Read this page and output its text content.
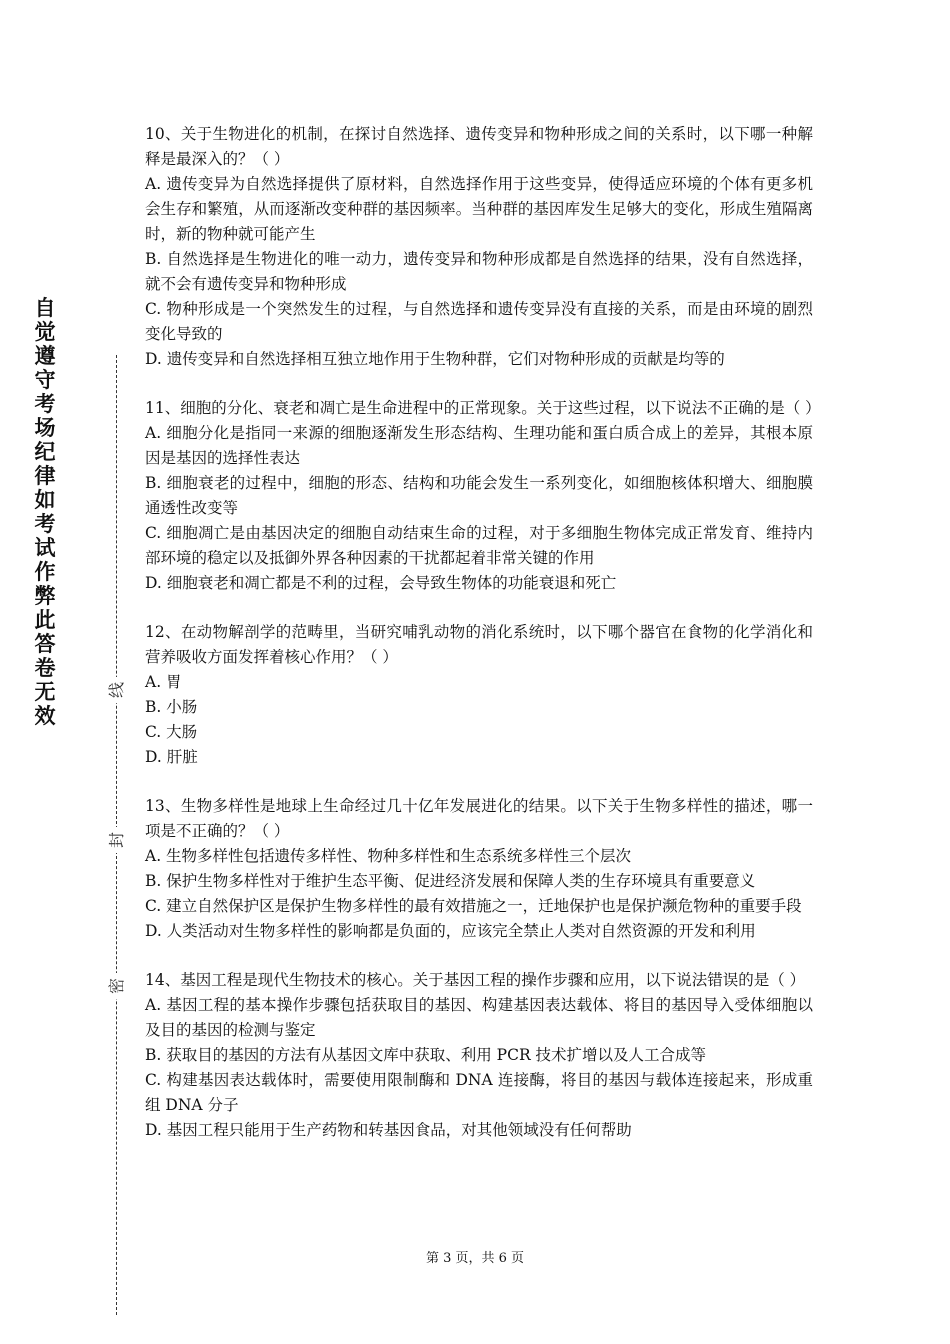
自觉遵守考场纪律如考试作弊此答卷无效
线
封
密

10、关于生物进化的机制，在探讨自然选择、遗传变异和物种形成之间的关系时，以下哪一种解释是最深入的？（ ）

A. 遗传变异为自然选择提供了原材料，自然选择作用于这些变异，使得适应环境的个体有更多机会生存和繁殖，从而逐渐改变种群的基因频率。当种群的基因库发生足够大的变化，形成生殖隔离时，新的物种就可能产生

B. 自然选择是生物进化的唯一动力，遗传变异和物种形成都是自然选择的结果，没有自然选择，就不会有遗传变异和物种形成

C. 物种形成是一个突然发生的过程，与自然选择和遗传变异没有直接的关系，而是由环境的剧烈变化导致的

D. 遗传变异和自然选择相互独立地作用于生物种群，它们对物种形成的贡献是均等的

11、细胞的分化、衰老和凋亡是生命进程中的正常现象。关于这些过程，以下说法不正确的是（ ）

A. 细胞分化是指同一来源的细胞逐渐发生形态结构、生理功能和蛋白质合成上的差异，其根本原因是基因的选择性表达

B. 细胞衰老的过程中，细胞的形态、结构和功能会发生一系列变化，如细胞核体积增大、细胞膜通透性改变等

C. 细胞凋亡是由基因决定的细胞自动结束生命的过程，对于多细胞生物体完成正常发育、维持内部环境的稳定以及抵御外界各种因素的干扰都起着非常关键的作用

D. 细胞衰老和凋亡都是不利的过程，会导致生物体的功能衰退和死亡

12、在动物解剖学的范畴里，当研究哺乳动物的消化系统时，以下哪个器官在食物的化学消化和营养吸收方面发挥着核心作用？（ ）

A. 胃

B. 小肠

C. 大肠

D. 肝脏

13、生物多样性是地球上生命经过几十亿年发展进化的结果。以下关于生物多样性的描述，哪一项是不正确的？（ ）

A. 生物多样性包括遗传多样性、物种多样性和生态系统多样性三个层次

B. 保护生物多样性对于维护生态平衡、促进经济发展和保障人类的生存环境具有重要意义

C. 建立自然保护区是保护生物多样性的最有效措施之一，迁地保护也是保护濒危物种的重要手段

D. 人类活动对生物多样性的影响都是负面的，应该完全禁止人类对自然资源的开发和利用

14、基因工程是现代生物技术的核心。关于基因工程的操作步骤和应用，以下说法错误的是（ ）

A. 基因工程的基本操作步骤包括获取目的基因、构建基因表达载体、将目的基因导入受体细胞以及目的基因的检测与鉴定

B. 获取目的基因的方法有从基因文库中获取、利用 PCR 技术扩增以及人工合成等

C. 构建基因表达载体时，需要使用限制酶和 DNA 连接酶，将目的基因与载体连接起来，形成重组 DNA 分子

D. 基因工程只能用于生产药物和转基因食品，对其他领域没有任何帮助

第 3 页，共 6 页
